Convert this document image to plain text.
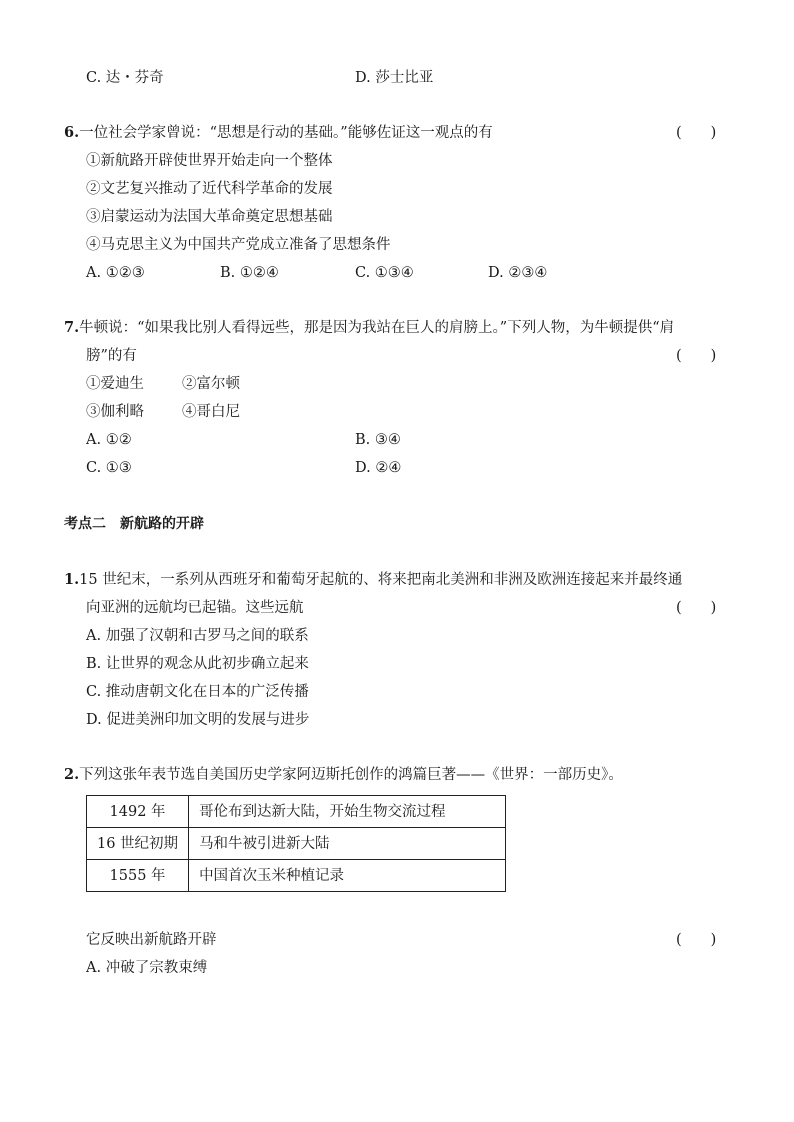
C. 达・芬奇	D. 莎士比亚
6.一位社会学家曾说：“思想是行动的基础。”能够佐证这一观点的有	(　　)
①新航路开辟使世界开始走向一个整体
②文艺复兴推动了近代科学革命的发展
③启蒙运动为法国大革命奠定思想基础
④马克思主义为中国共产党成立准备了思想条件
A. ①②③	B. ①②④	C. ①③④	D. ②③④
7.牛顿说：“如果我比别人看得远些，那是因为我站在巨人的肩膀上。”下列人物，为牛顿提供“肩
膀”的有	(　　)
①爱迪生	②富尔顿
③伽利略	④哥白尼
A. ①②	B. ③④
C. ①③	D. ②④
考点二　新航路的开辟
1.15 世纪末，一系列从西班牙和葡萄牙起航的、将来把南北美洲和非洲及欧洲连接起来并最终通
向亚洲的远航均已起锚。这些远航	(　　)
A. 加强了汉朝和古罗马之间的联系
B. 让世界的观念从此初步确立起来
C. 推动唐朝文化在日本的广泛传播
D. 促进美洲印加文明的发展与进步
2.下列这张年表节选自美国历史学家阿迈斯托创作的鸿篇巨著——《世界：一部历史》。
1492 年	哥伦布到达新大陆，开始生物交流过程
16 世纪初期	马和牛被引进新大陆
1555 年	中国首次玉米种植记录
它反映出新航路开辟	(　　)
A. 冲破了宗教束缚
